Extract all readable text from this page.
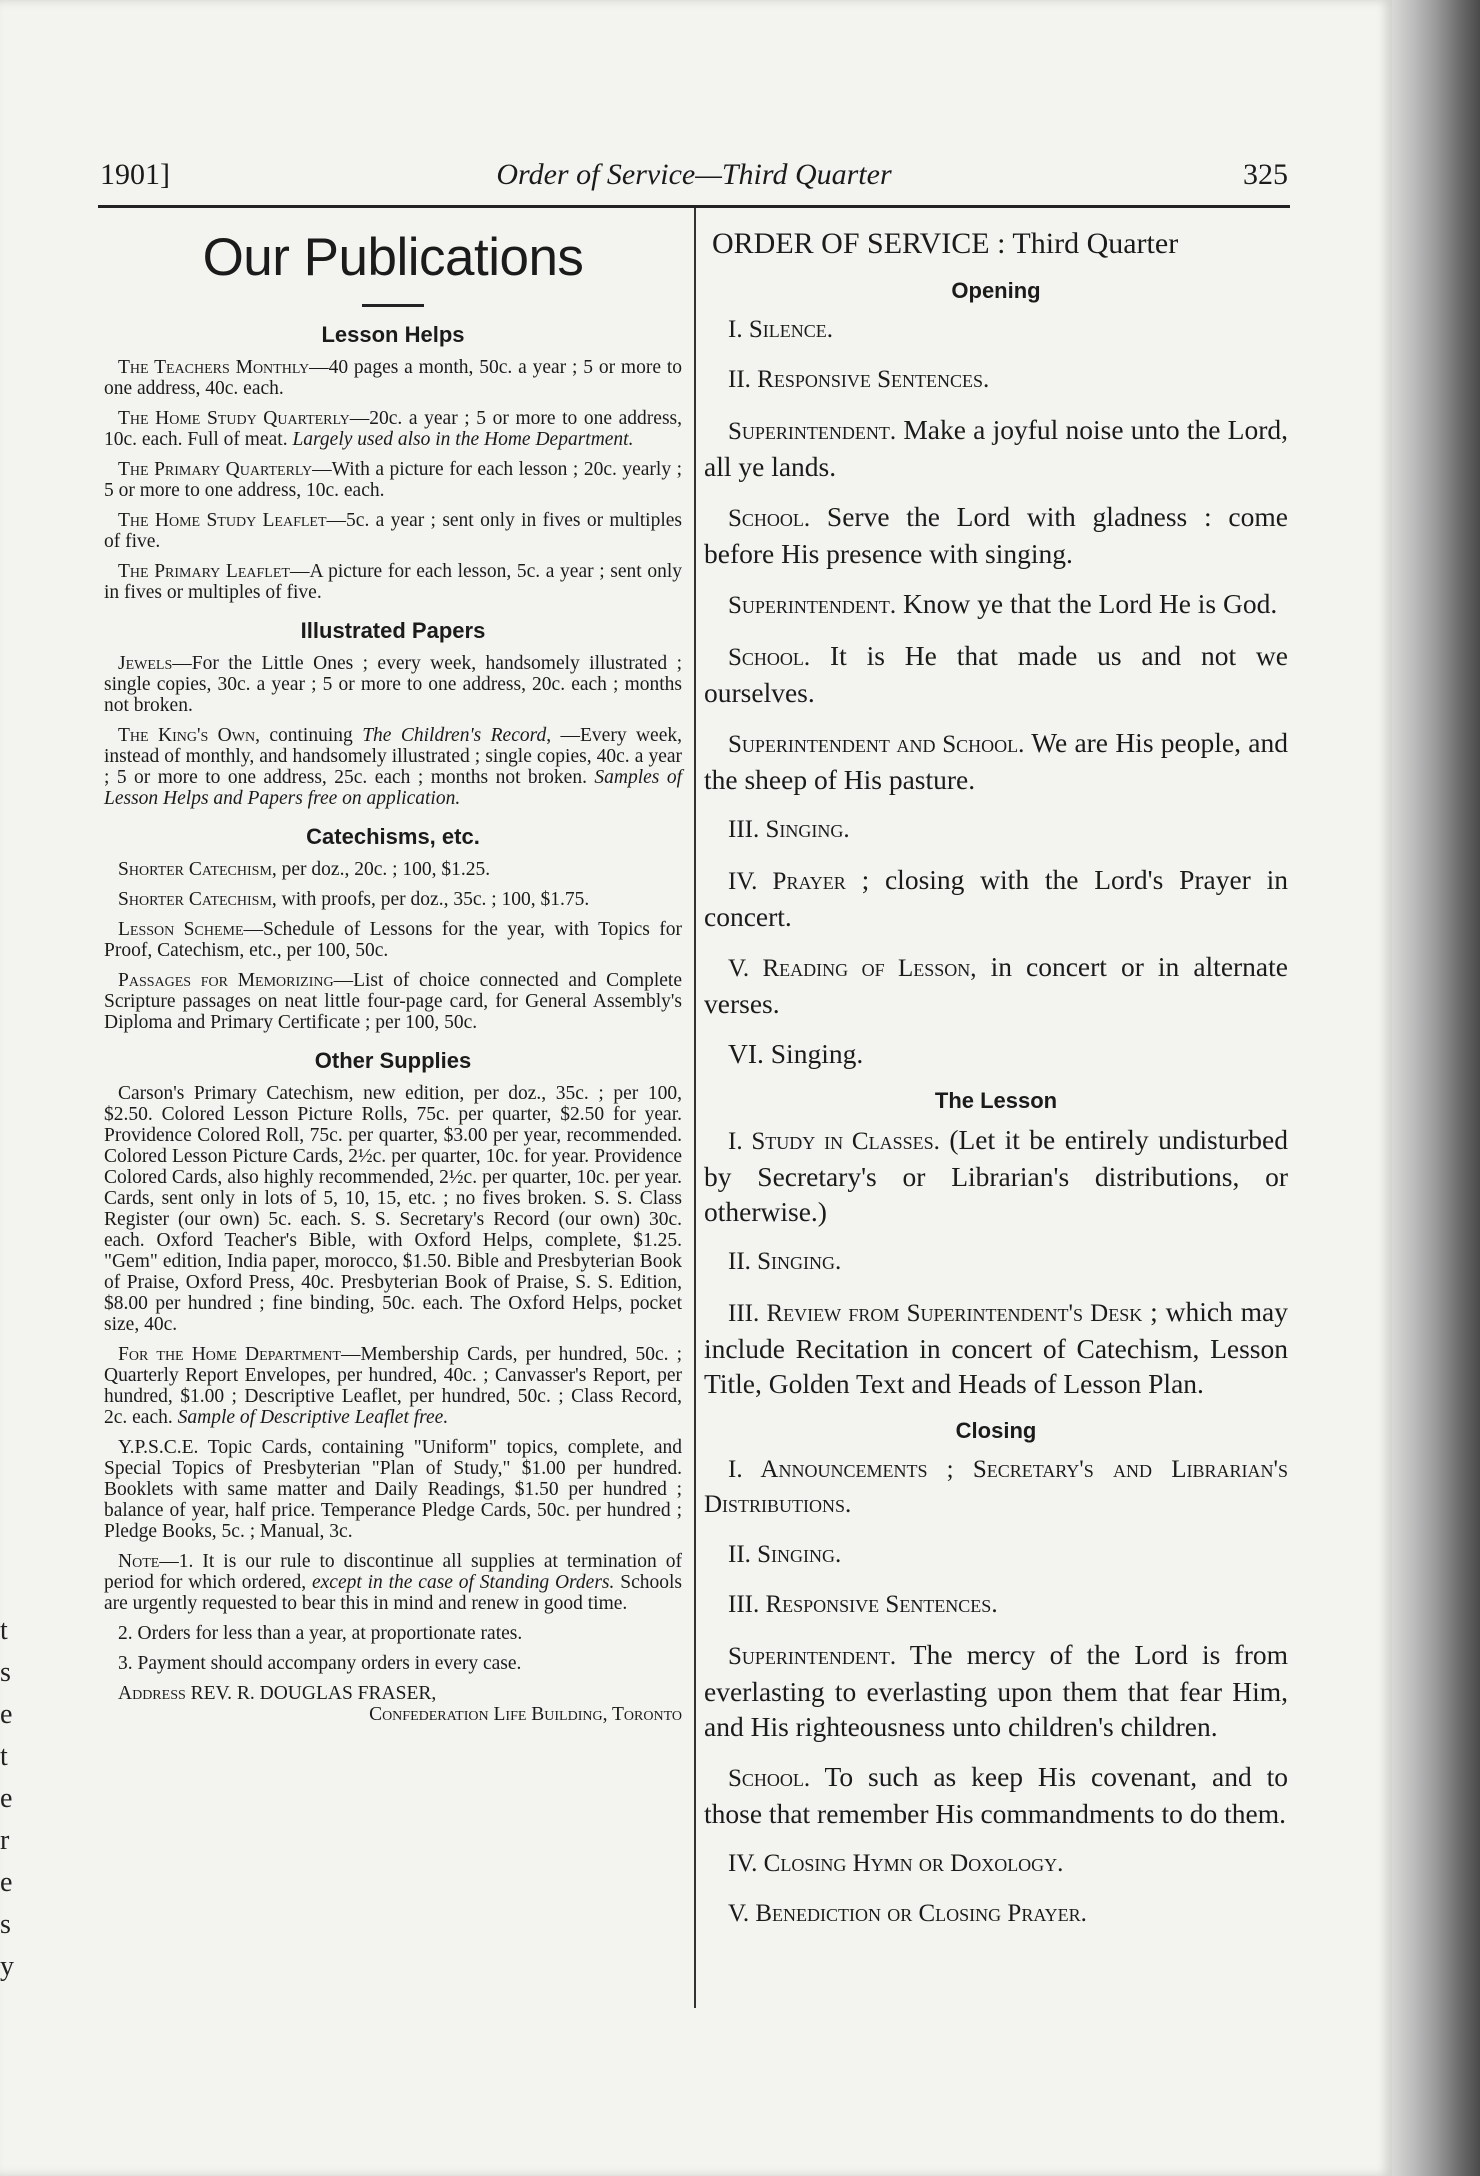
t
s
e
t
e
r
e
s
y
Order of Service—Third Quarter
1901]	325
Our Publications
Lesson Helps

The Teachers Monthly—40 pages a month, 50c. a year ; 5 or more to one address, 40c. each.

The Home Study Quarterly—20c. a year ; 5 or more to one address, 10c. each. Full of meat. Largely used also in the Home Department.

The Primary Quarterly—With a picture for each lesson ; 20c. yearly ; 5 or more to one address, 10c. each.

The Home Study Leaflet—5c. a year ; sent only in fives or multiples of five.

The Primary Leaflet—A picture for each lesson, 5c. a year ; sent only in fives or multiples of five.

Illustrated Papers

Jewels—For the Little Ones ; every week, handsomely illustrated ; single copies, 30c. a year ; 5 or more to one address, 20c. each ; months not broken.

The King's Own, continuing The Children's Record, —Every week, instead of monthly, and handsomely illustrated ; single copies, 40c. a year ; 5 or more to one address, 25c. each ; months not broken. Samples of Lesson Helps and Papers free on application.

Catechisms, etc.

Shorter Catechism, per doz., 20c. ; 100, $1.25.

Shorter Catechism, with proofs, per doz., 35c. ; 100, $1.75.

Lesson Scheme—Schedule of Lessons for the year, with Topics for Proof, Catechism, etc., per 100, 50c.

Passages for Memorizing—List of choice connected and Complete Scripture passages on neat little four-page card, for General Assembly's Diploma and Primary Certificate ; per 100, 50c.

Other Supplies

Carson's Primary Catechism, new edition, per doz., 35c. ; per 100, $2.50. Colored Lesson Picture Rolls, 75c. per quarter, $2.50 for year. Providence Colored Roll, 75c. per quarter, $3.00 per year, recommended. Colored Lesson Picture Cards, 2½c. per quarter, 10c. for year. Providence Colored Cards, also highly recommended, 2½c. per quarter, 10c. per year. Cards, sent only in lots of 5, 10, 15, etc. ; no fives broken. S. S. Class Register (our own) 5c. each. S. S. Secretary's Record (our own) 30c. each. Oxford Teacher's Bible, with Oxford Helps, complete, $1.25. "Gem" edition, India paper, morocco, $1.50. Bible and Presbyterian Book of Praise, Oxford Press, 40c. Presbyterian Book of Praise, S. S. Edition, $8.00 per hundred ; fine binding, 50c. each. The Oxford Helps, pocket size, 40c.

For the Home Department—Membership Cards, per hundred, 50c. ; Quarterly Report Envelopes, per hundred, 40c. ; Canvasser's Report, per hundred, $1.00 ; Descriptive Leaflet, per hundred, 50c. ; Class Record, 2c. each. Sample of Descriptive Leaflet free.

Y.P.S.C.E. Topic Cards, containing "Uniform" topics, complete, and Special Topics of Presbyterian "Plan of Study," $1.00 per hundred. Booklets with same matter and Daily Readings, $1.50 per hundred ; balance of year, half price. Temperance Pledge Cards, 50c. per hundred ; Pledge Books, 5c. ; Manual, 3c.

Note—1. It is our rule to discontinue all supplies at termination of period for which ordered, except in the case of Standing Orders. Schools are urgently requested to bear this in mind and renew in good time.

2. Orders for less than a year, at proportionate rates.

3. Payment should accompany orders in every case.

Address REV. R. DOUGLAS FRASER,
Confederation Life Building, Toronto
ORDER OF SERVICE : Third Quarter
Opening

I. Silence.

II. Responsive Sentences.

Superintendent. Make a joyful noise unto the Lord, all ye lands.

School. Serve the Lord with gladness : come before His presence with singing.

Superintendent. Know ye that the Lord He is God.

School. It is He that made us and not we ourselves.

Superintendent and School. We are His people, and the sheep of His pasture.

III. Singing.

IV. Prayer ; closing with the Lord's Prayer in concert.

V. Reading of Lesson, in concert or in alternate verses.

VI. Singing.

The Lesson

I. Study in Classes. (Let it be entirely undisturbed by Secretary's or Librarian's distributions, or otherwise.)

II. Singing.

III. Review from Superintendent's Desk ; which may include Recitation in concert of Catechism, Lesson Title, Golden Text and Heads of Lesson Plan.

Closing

I. Announcements ; Secretary's and Librarian's Distributions.

II. Singing.

III. Responsive Sentences.

Superintendent. The mercy of the Lord is from everlasting to everlasting upon them that fear Him, and His righteousness unto children's children.

School. To such as keep His covenant, and to those that remember His commandments to do them.

IV. Closing Hymn or Doxology.

V. Benediction or Closing Prayer.
